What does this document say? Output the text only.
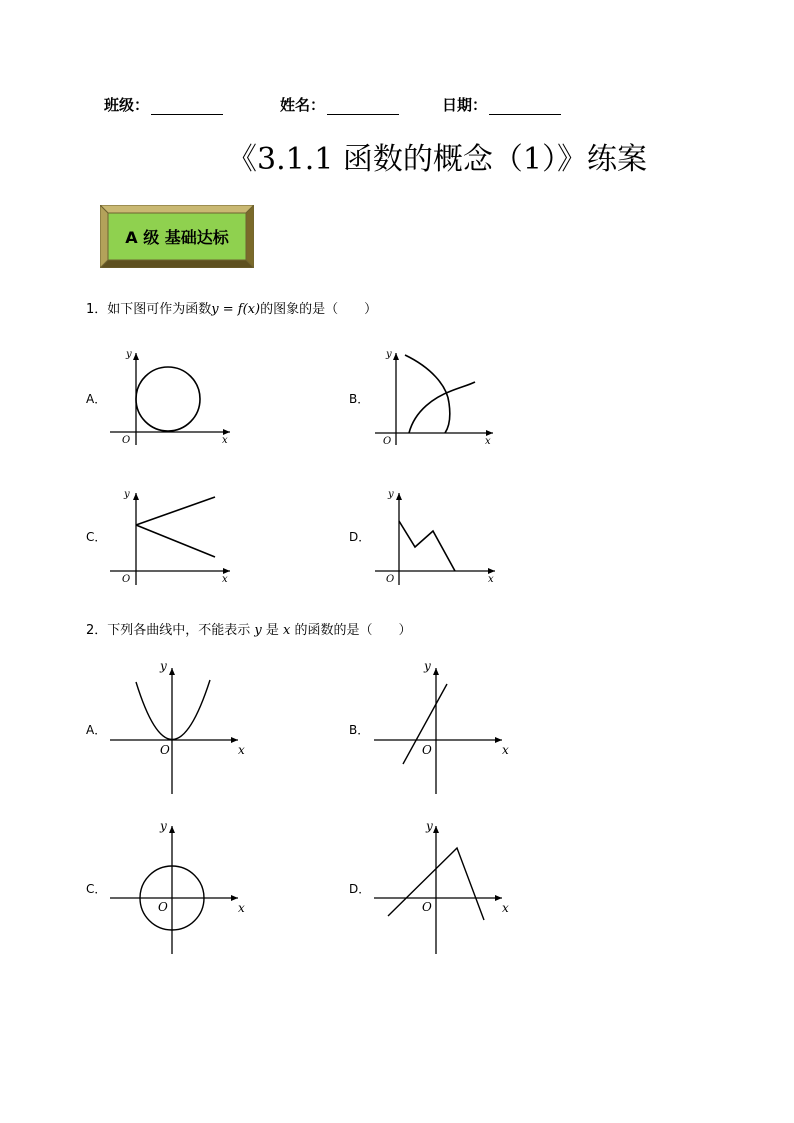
班级：	姓名：	日期：
《3.1.1 函数的概念（1）》练案
A 级 基础达标
1．如下图可作为函数y = f(x)的图象的是（　　）
A．
y
x
O
B．
y
x
O
C．
y
x
O
D．
y
x
O
2．下列各曲线中，不能表示 y 是 x 的函数的是（　　）
A．
y
x
O
B．
y
x
O
C．
y
x
O
D．
y
x
O
